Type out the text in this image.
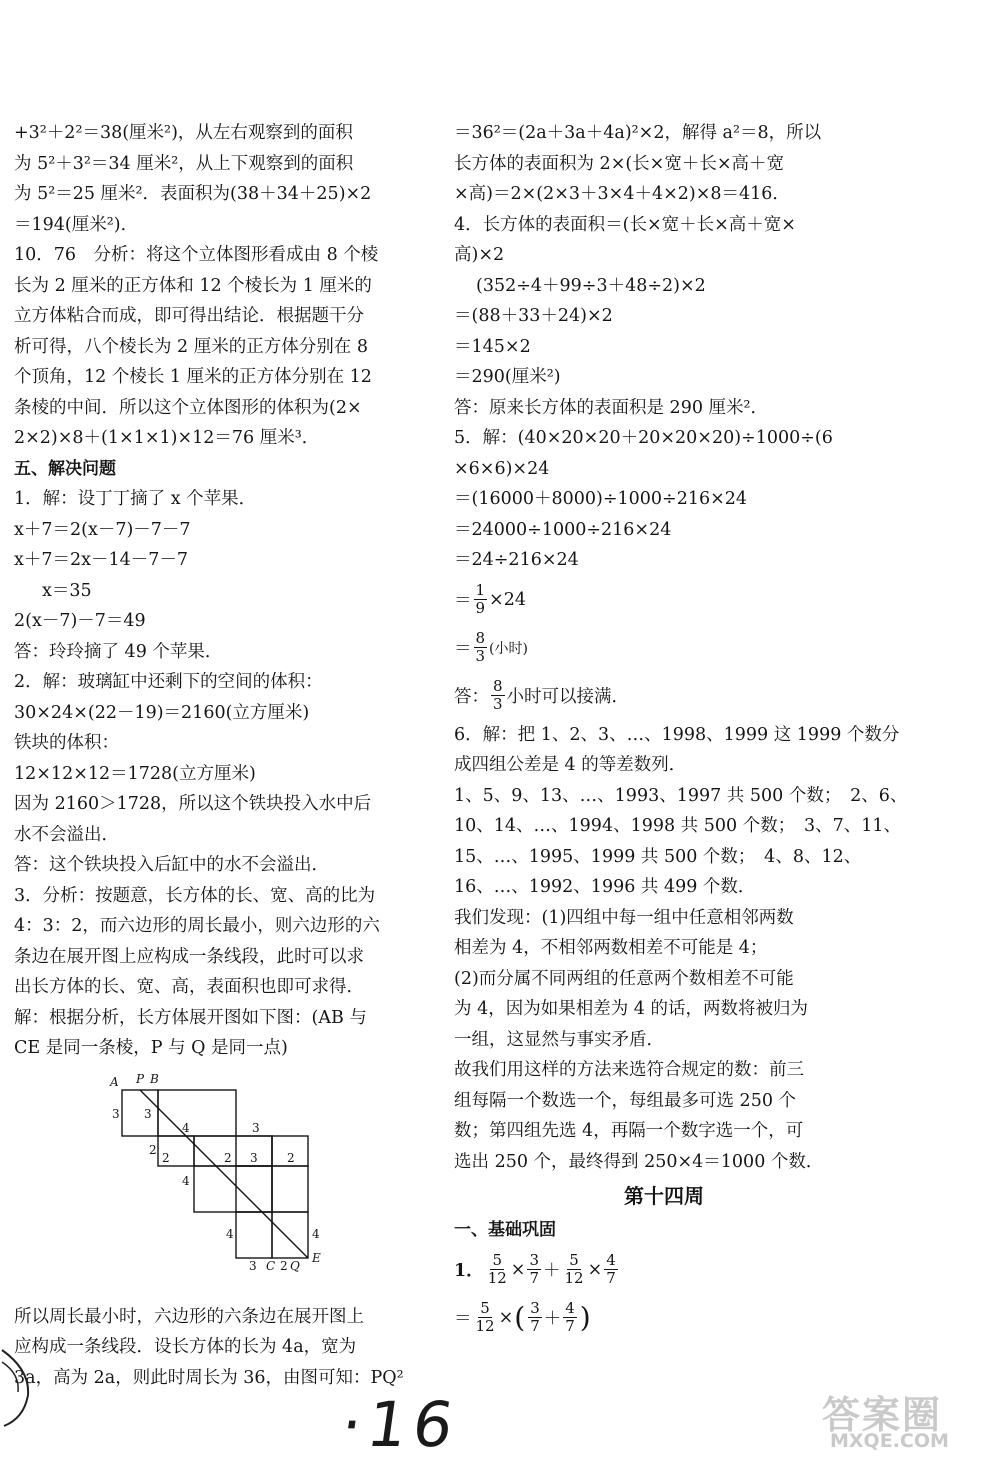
+3²＋2²＝38(厘米²)，从左右观察到的面积
为 5²＋3²＝34 厘米²，从上下观察到的面积
为 5²＝25 厘米²．表面积为(38＋34＋25)×2
＝194(厘米²)．
10．76　分析：将这个立体图形看成由 8 个棱
长为 2 厘米的正方体和 12 个棱长为 1 厘米的
立方体粘合而成，即可得出结论．根据题干分
析可得，八个棱长为 2 厘米的正方体分别在 8
个顶角，12 个棱长 1 厘米的正方体分别在 12
条棱的中间．所以这个立体图形的体积为(2×
2×2)×8＋(1×1×1)×12＝76 厘米³．
五、解决问题
1．解：设丁丁摘了 x 个苹果．
x＋7＝2(x－7)－7－7
x＋7＝2x－14－7－7
x＝35
2(x－7)－7＝49
答：玲玲摘了 49 个苹果．
2．解：玻璃缸中还剩下的空间的体积：
30×24×(22－19)＝2160(立方厘米)
铁块的体积：
12×12×12＝1728(立方厘米)
因为 2160＞1728，所以这个铁块投入水中后
水不会溢出．
答：这个铁块投入后缸中的水不会溢出．
3．分析：按题意，长方体的长、宽、高的比为
4：3：2，而六边形的周长最小，则六边形的六
条边在展开图上应构成一条线段，此时可以求
出长方体的长、宽、高，表面积也即可求得．
解：根据分析，长方体展开图如下图：(AB 与
CE 是同一条棱，P 与 Q 是同一点)
A P B
3 3
4	3
2
2	2 3 2
4
4	4
3 C 2 Q
E
所以周长最小时，六边形的六条边在展开图上
应构成一条线段．设长方体的长为 4a，宽为
3a，高为 2a，则此时周长为 36，由图可知：PQ²
＝36²＝(2a＋3a＋4a)²×2，解得 a²＝8，所以
长方体的表面积为 2×(长×宽＋长×高＋宽
×高)＝2×(2×3＋3×4＋4×2)×8＝416．
4．长方体的表面积＝(长×宽＋长×高＋宽×
高)×2
(352÷4＋99÷3＋48÷2)×2
＝(88＋33＋24)×2
＝145×2
＝290(厘米²)
答：原来长方体的表面积是 290 厘米²．
5．解：(40×20×20＋20×20×20)÷1000÷(6
×6×6)×24
＝(16000＋8000)÷1000÷216×24
＝24000÷1000÷216×24
＝24÷216×24
＝ $\frac{1}{9} \times 24$
＝ $\frac{8}{3}$ (小时)
答： $\frac{8}{3}$ 小时可以接满．
6．解：把 1、2、3、…、1998、1999 这 1999 个数分
成四组公差是 4 的等差数列．
1、5、9、13、…、1993、1997 共 500 个数；　2、6、
10、14、…、1994、1998 共 500 个数；　3、7、11、
15、…、1995、1999 共 500 个数；　4、8、12、
16、…、1992、1996 共 499 个数．
我们发现：(1)四组中每一组中任意相邻两数
相差为 4，不相邻两数相差不可能是 4；
(2)而分属不同两组的任意两个数相差不可能
为 4，因为如果相差为 4 的话，两数将被归为
一组，这显然与事实矛盾．
故我们用这样的方法来选符合规定的数：前三
组每隔一个数选一个，每组最多可选 250 个
数；第四组先选 4，再隔一个数字选一个，可
选出 250 个，最终得到 250×4＝1000 个数．
第十四周
一、基础巩固
1． $\frac{5}{12} \times \frac{3}{7} + \frac{5}{12} \times \frac{4}{7}$
＝ $\frac{5}{12}$ × ( $\frac{3}{7} + \frac{4}{7}$ )
·16	答案圈
MXQE.COM
